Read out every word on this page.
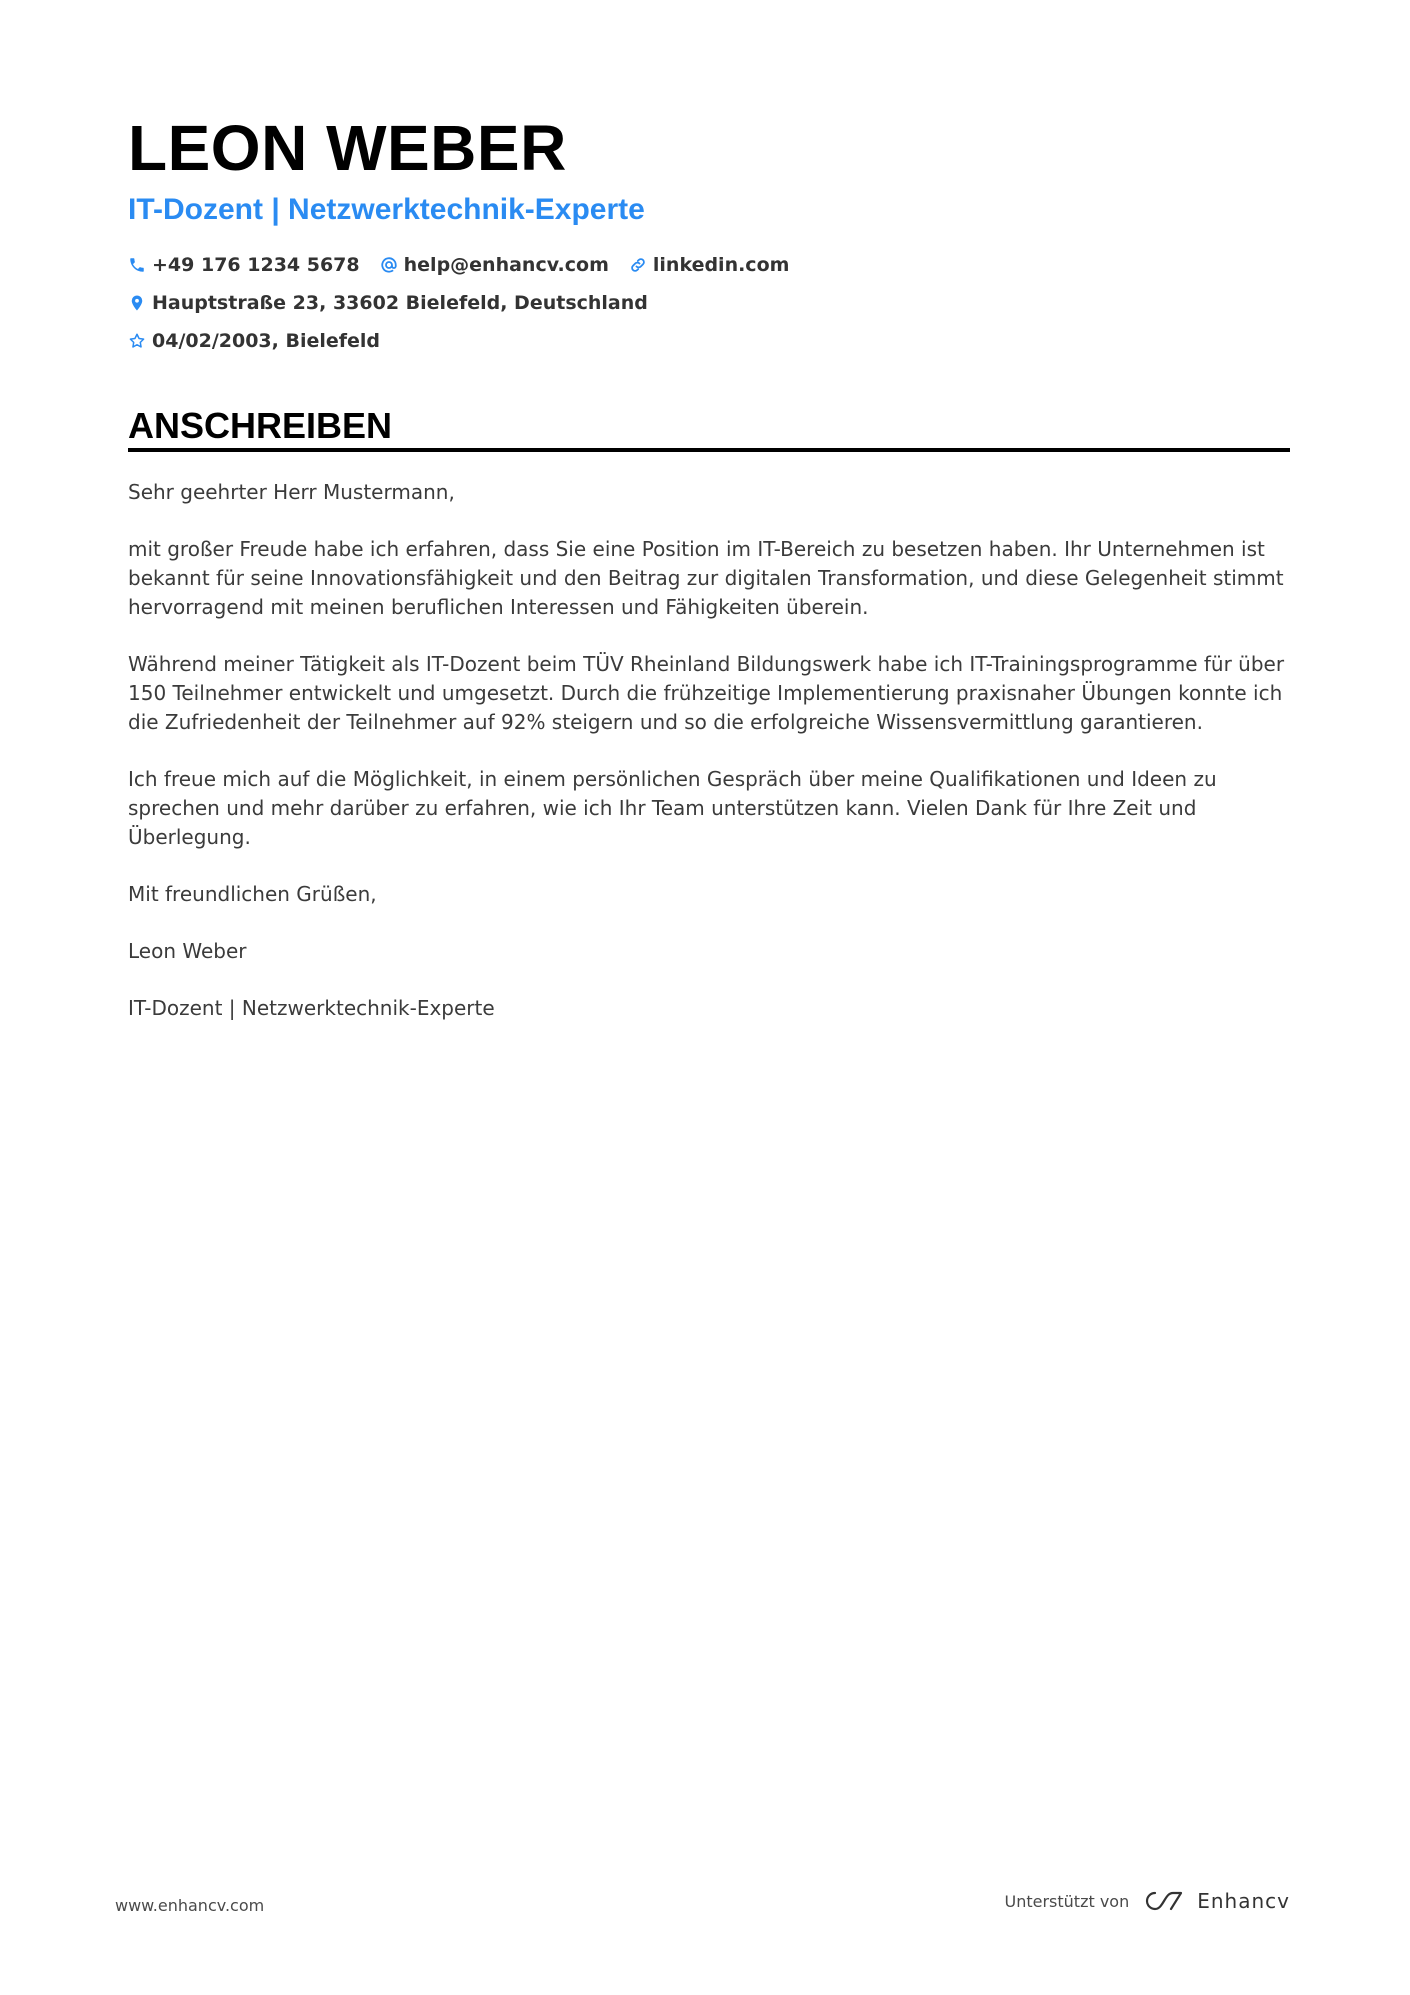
LEON WEBER
IT-Dozent | Netzwerktechnik-Experte
+49 176 1234 5678 help@enhancv.com linkedin.com
Hauptstraße 23, 33602 Bielefeld, Deutschland
04/02/2003, Bielefeld
ANSCHREIBEN

Sehr geehrter Herr Mustermann,

mit großer Freude habe ich erfahren, dass Sie eine Position im IT-Bereich zu besetzen haben. Ihr Unternehmen ist bekannt für seine Innovationsfähigkeit und den Beitrag zur digitalen Transformation, und diese Gelegenheit stimmt hervorragend mit meinen beruflichen Interessen und Fähigkeiten überein.

Während meiner Tätigkeit als IT-Dozent beim TÜV Rheinland Bildungswerk habe ich IT-Trainingsprogramme für über 150 Teilnehmer entwickelt und umgesetzt. Durch die frühzeitige Implementierung praxisnaher Übungen konnte ich die Zufriedenheit der Teilnehmer auf 92% steigern und so die erfolgreiche Wissensvermittlung garantieren.

Ich freue mich auf die Möglichkeit, in einem persönlichen Gespräch über meine Qualifikationen und Ideen zu sprechen und mehr darüber zu erfahren, wie ich Ihr Team unterstützen kann. Vielen Dank für Ihre Zeit und Überlegung.

Mit freundlichen Grüßen,

Leon Weber

IT-Dozent | Netzwerktechnik-Experte

www.enhancv.com	Unterstützt von	Enhancv
